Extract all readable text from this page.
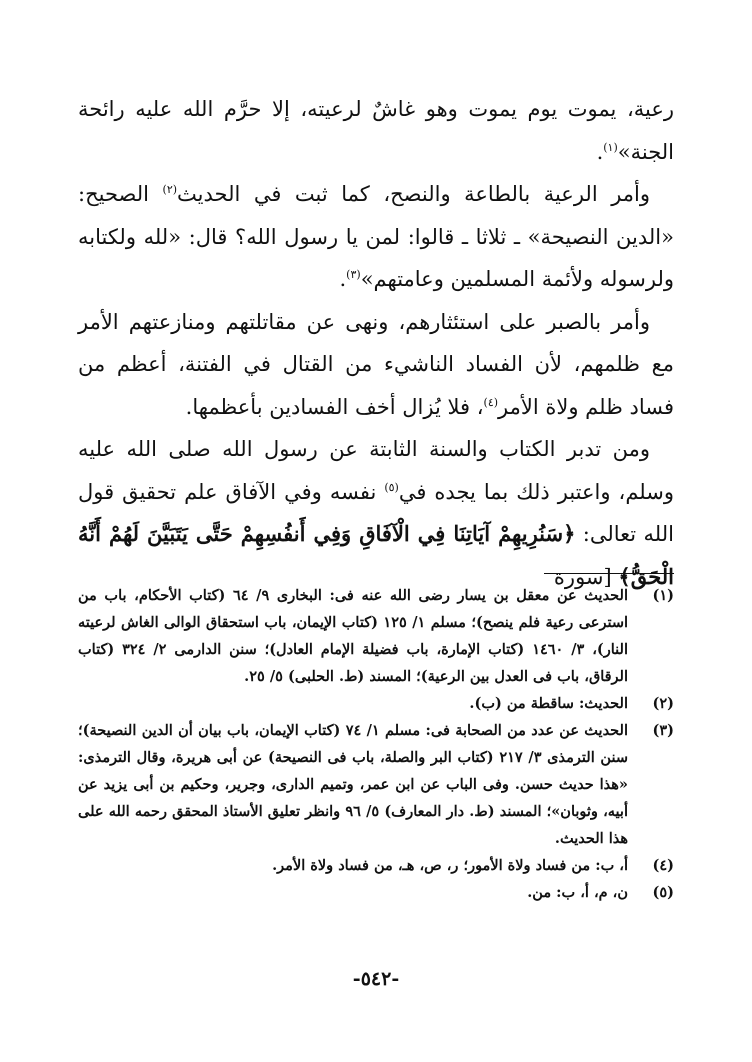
رعية، يموت يوم يموت وهو غاشٌ لرعيته، إلا حرَّم الله عليه رائحة الجنة»$^{(١)}$.

وأمر الرعية بالطاعة والنصح، كما ثبت في الحديث$^{(٢)}$ الصحيح: «الدين النصيحة» ـ ثلاثا ـ قالوا: لمن يا رسول الله؟ قال: «لله ولكتابه ولرسوله ولأئمة المسلمين وعامتهم»$^{(٣)}$.

وأمر بالصبر على استئثارهم، ونهى عن مقاتلتهم ومنازعتهم الأمر مع ظلمهم، لأن الفساد الناشيء من القتال في الفتنة، أعظم من فساد ظلم ولاة الأمر$^{(٤)}$، فلا يُزال أخف الفسادين بأعظمها.

ومن تدبر الكتاب والسنة الثابتة عن رسول الله صلى الله عليه وسلم، واعتبر ذلك بما يجده في$^{(٥)}$ نفسه وفي الآفاق علم تحقيق قول الله تعالى: ﴿سَنُرِيهِمْ آيَاتِنَا فِي الْآفَاقِ وَفِي أَنفُسِهِمْ حَتَّى يَتَبَيَّنَ لَهُمْ أَنَّهُ الْحَقُّ﴾ [سورة

(١)
الحديث عن معقل بن يسار رضى الله عنه فى: البخارى ٩/ ٦٤ (كتاب الأحكام، باب من استرعى رعية فلم ينصح)؛ مسلم ١/ ١٢٥ (كتاب الإيمان، باب استحقاق الوالى الغاش لرعيته النار)، ٣/ ١٤٦٠ (كتاب الإمارة، باب فضيلة الإمام العادل)؛ سنن الدارمى ٢/ ٣٢٤ (كتاب الرقاق، باب فى العدل بين الرعية)؛ المسند (ط. الحلبى) ٥/ ٢٥.
(٢)
الحديث: ساقطة من (ب).
(٣)
الحديث عن عدد من الصحابة فى: مسلم ١/ ٧٤ (كتاب الإيمان، باب بيان أن الدين النصيحة)؛ سنن الترمذى ٣/ ٢١٧ (كتاب البر والصلة، باب فى النصيحة) عن أبى هريرة، وقال الترمذى: «هذا حديث حسن. وفى الباب عن ابن عمر، وتميم الدارى، وجرير، وحكيم بن أبى يزيد عن أبيه، وثوبان»؛ المسند (ط. دار المعارف) ٥/ ٩٦ وانظر تعليق الأستاذ المحقق رحمه الله على هذا الحديث.
(٤)
أ، ب: من فساد ولاة الأمور؛ ر، ص، هـ، من فساد ولاة الأمر.
(٥)
ن، م، أ، ب: من.
-٥٤٢-
